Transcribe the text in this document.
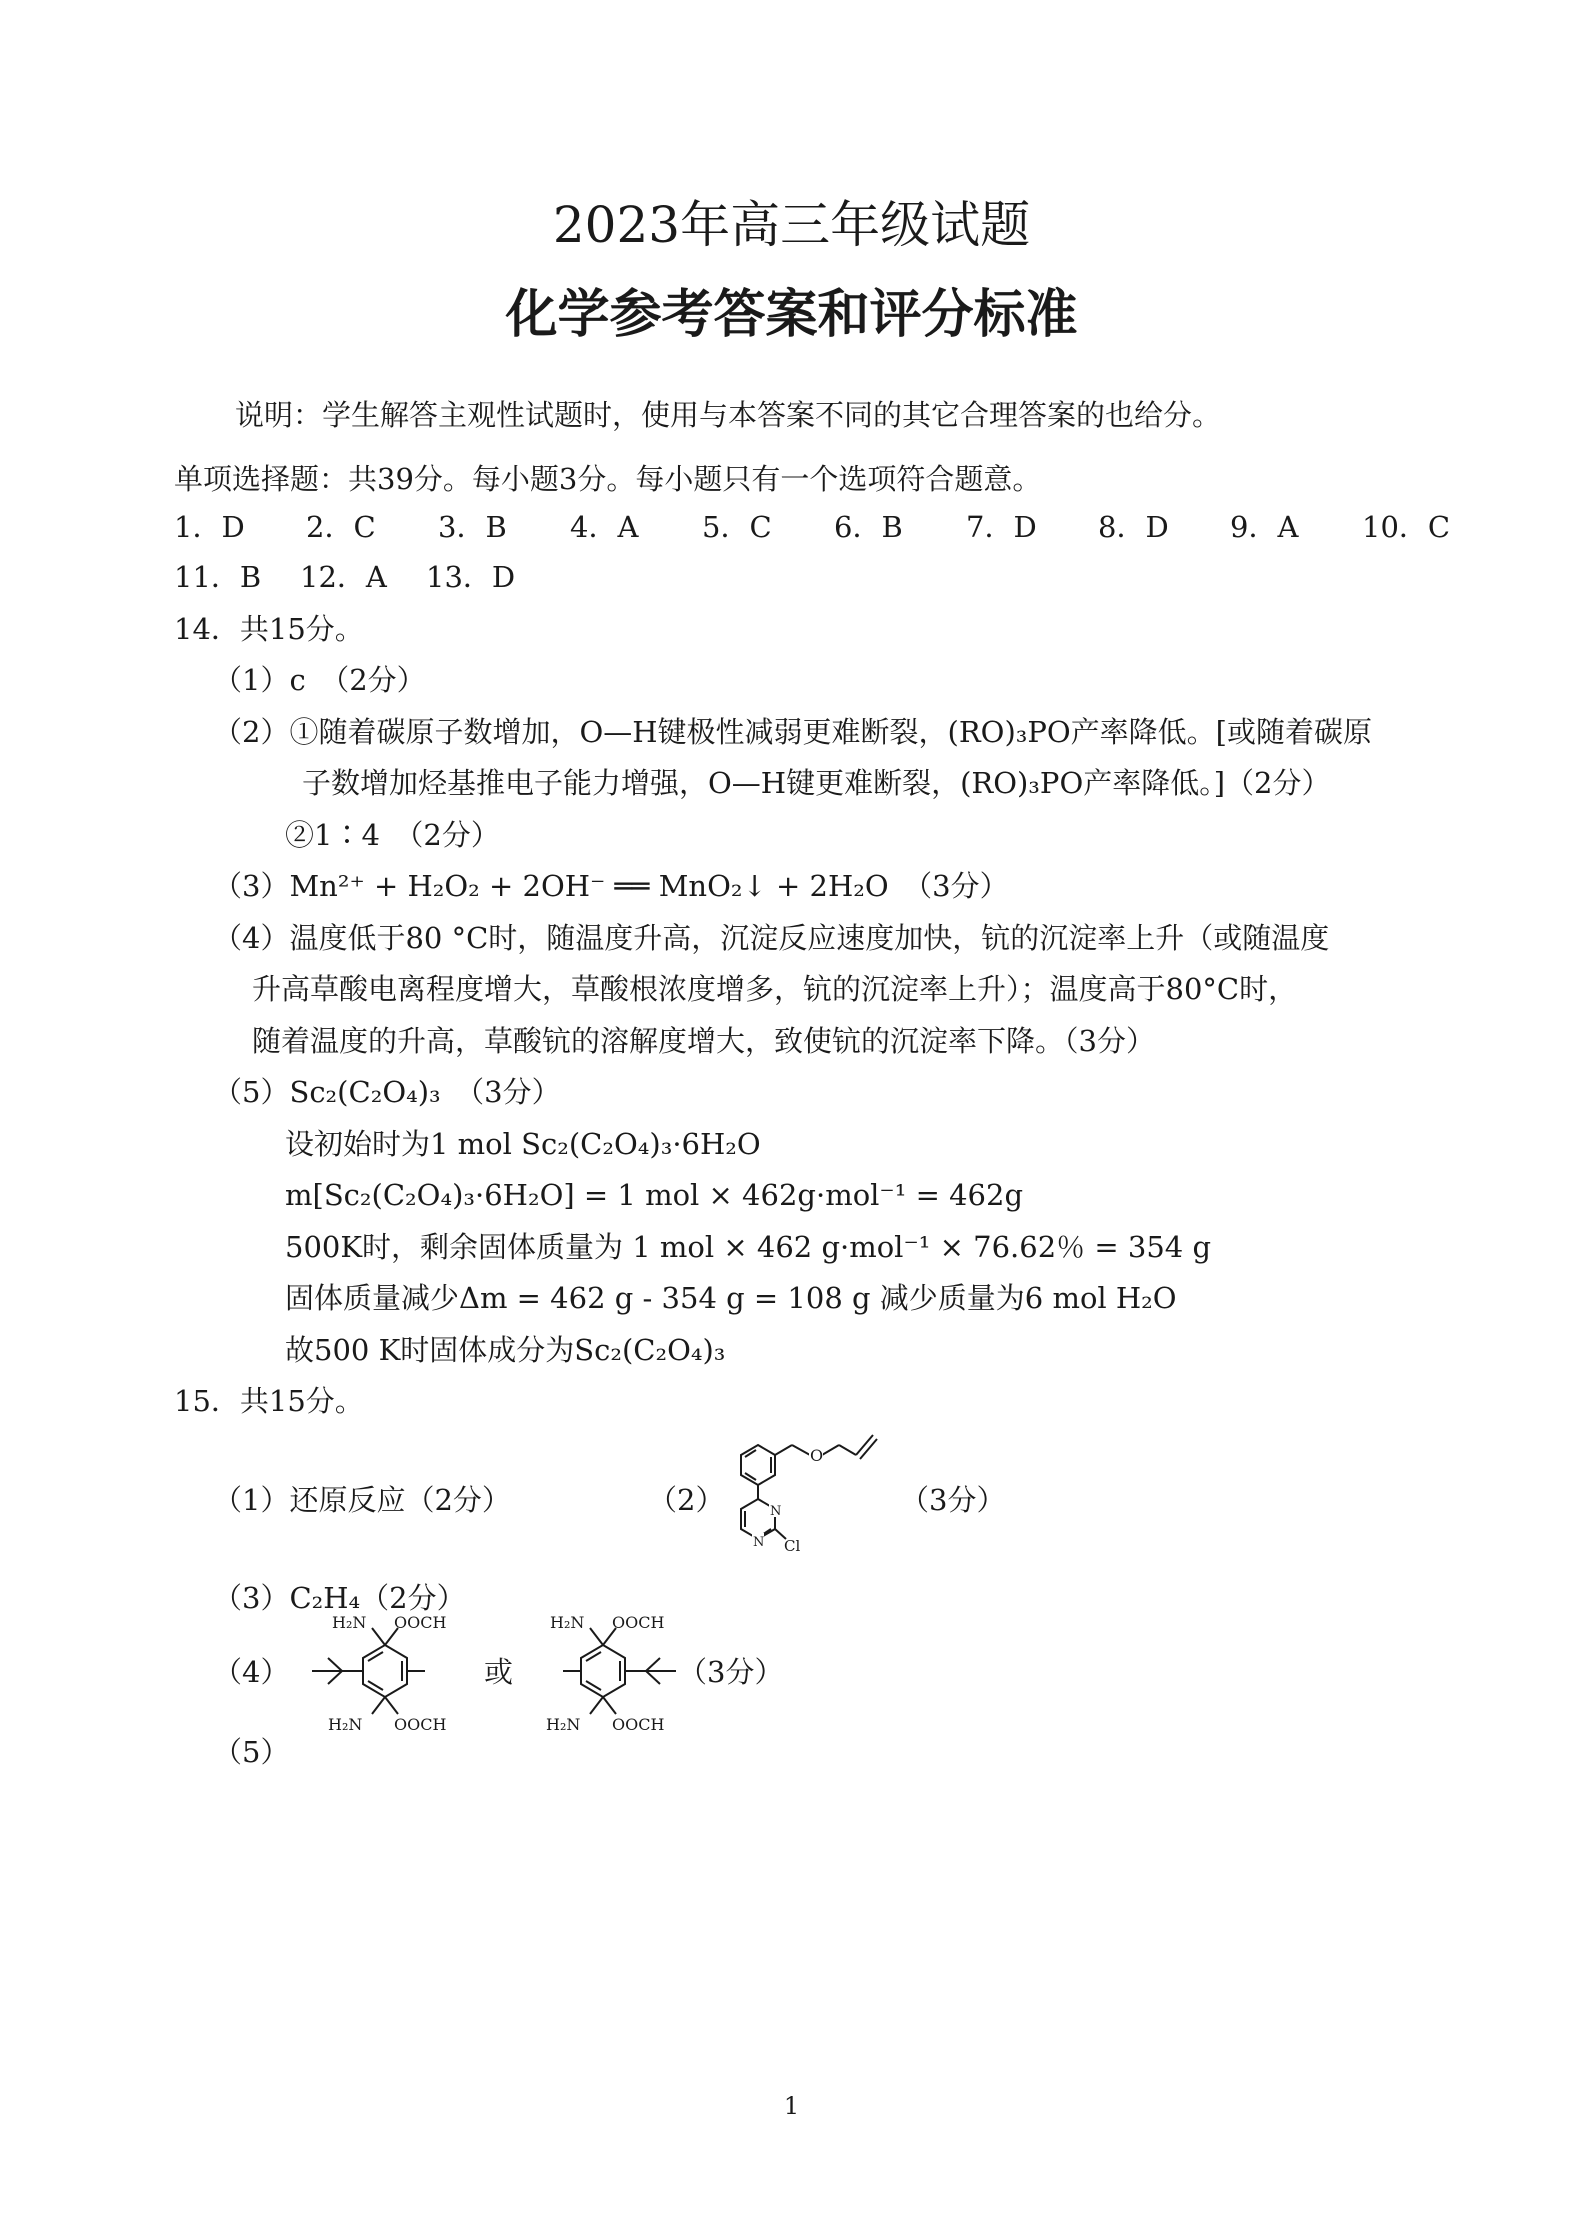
2023年高三年级试题
化学参考答案和评分标准
说明：学生解答主观性试题时，使用与本答案不同的其它合理答案的也给分。
单项选择题：共39分。每小题3分。每小题只有一个选项符合题意。
1．D	2．C	3．B	4．A	5．C	6．B	7．D	8．D	9．A	10．C
11．B	12．A	13．D
14．共15分。
（1）c　（2分）
（2）①随着碳原子数增加，O—H键极性减弱更难断裂，(RO)₃PO产率降低。[或随着碳原
子数增加烃基推电子能力增强，O—H键更难断裂，(RO)₃PO产率降低。]（2分）
②1∶4　（2分）
（3）Mn²⁺ + H₂O₂ + 2OH⁻ ══ MnO₂↓ + 2H₂O　（3分）
（4）温度低于80 °C时，随温度升高，沉淀反应速度加快，钪的沉淀率上升（或随温度
升高草酸电离程度增大，草酸根浓度增多，钪的沉淀率上升）；温度高于80°C时，
随着温度的升高，草酸钪的溶解度增大，致使钪的沉淀率下降。（3分）
（5）Sc₂(C₂O₄)₃　（3分）
设初始时为1 mol Sc₂(C₂O₄)₃·6H₂O
m[Sc₂(C₂O₄)₃·6H₂O] = 1 mol × 462g·mol⁻¹ = 462g
500K时，剩余固体质量为 1 mol × 462 g·mol⁻¹ × 76.62％ = 354 g
固体质量减少Δm = 462 g - 354 g = 108 g 减少质量为6 mol H₂O
故500 K时固体成分为Sc₂(C₂O₄)₃
15．共15分。
（1）还原反应（2分）	（2）
O
N
N Cl
（3分）
（3）C₂H₄（2分）
（4）
H₂N OOCH
H₂N OOCH
或
H₂N OOCH
H₂N OOCH
（3分）
（5）
1
